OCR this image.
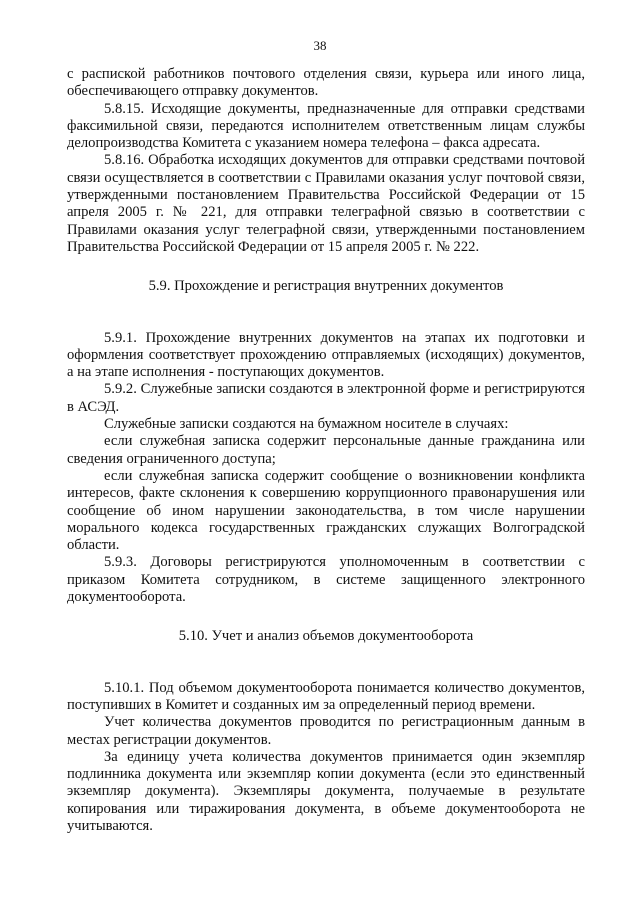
38

с распиской работников почтового отделения связи, курьера или иного лица, обеспечивающего отправку документов.

5.8.15. Исходящие документы, предназначенные для отправки средствами факсимильной связи, передаются исполнителем ответственным лицам службы делопроизводства Комитета с указанием номера телефона – факса адресата.

5.8.16. Обработка исходящих документов для отправки средствами почтовой связи осуществляется в соответствии с Правилами оказания услуг почтовой связи, утвержденными постановлением Правительства Российской Федерации от 15 апреля 2005 г. № 221, для отправки телеграфной связью в соответствии с Правилами оказания услуг телеграфной связи, утвержденными постановлением Правительства Российской Федерации от 15 апреля 2005 г. № 222.

5.9. Прохождение и регистрация внутренних документов

5.9.1. Прохождение внутренних документов на этапах их подготовки и оформления соответствует прохождению отправляемых (исходящих) документов, а на этапе исполнения - поступающих документов.

5.9.2. Служебные записки создаются в электронной форме и регистрируются в АСЭД.

Служебные записки создаются на бумажном носителе в случаях:

если служебная записка содержит персональные данные гражданина или сведения ограниченного доступа;

если служебная записка содержит сообщение о возникновении конфликта интересов, факте склонения к совершению коррупционного правонарушения или сообщение об ином нарушении законодательства, в том числе нарушении морального кодекса государственных гражданских служащих Волгоградской области.

5.9.3. Договоры регистрируются уполномоченным в соответствии с приказом Комитета сотрудником, в системе защищенного электронного документооборота.

5.10. Учет и анализ объемов документооборота

5.10.1. Под объемом документооборота понимается количество документов, поступивших в Комитет и созданных им за определенный период времени.

Учет количества документов проводится по регистрационным данным в местах регистрации документов.

За единицу учета количества документов принимается один экземпляр подлинника документа или экземпляр копии документа (если это единственный экземпляр документа). Экземпляры документа, получаемые в результате копирования или тиражирования документа, в объеме документооборота не учитываются.
